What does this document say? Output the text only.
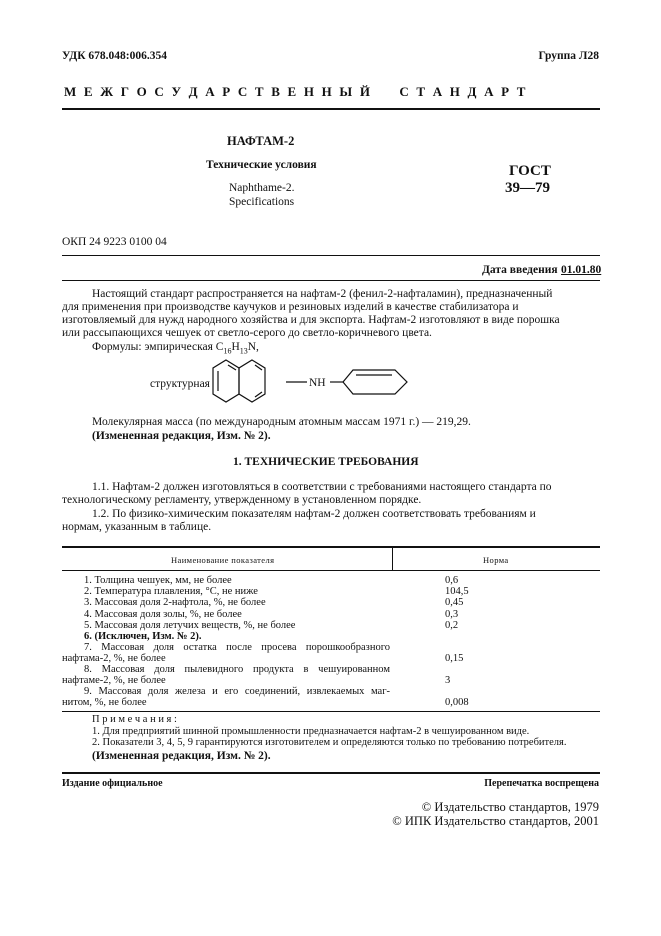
УДК 678.048:006.354	Группа Л28
М Е Ж Г О С У Д А Р С Т В Е Н Н Ы Й     С Т А Н Д А Р Т
НАФТАМ-2
Технические условия
Naphthame-2.
Specifications
ГОСТ
39—79
ОКП 24 9223 0100 04
Дата введения 01.01.80
Настоящий стандарт распространяется на нафтам-2 (фенил-2-нафталамин), предназначенный
для применения при производстве каучуков и резиновых изделий в качестве стабилизатора и
изготовляемый для нужд народного хозяйства и для экспорта. Нафтам-2 изготовляют в виде порошка
или рассыпающихся чешуек от светло-серого до светло-коричневого цвета.
Формулы: эмпирическая $C_{16}H_{13}N$,
структурная	NH
Молекулярная масса (по международным атомным массам 1971 г.) — 219,29.
(Измененная редакция, Изм. № 2).
1. ТЕХНИЧЕСКИЕ ТРЕБОВАНИЯ
1.1. Нафтам-2 должен изготовляться в соответствии с требованиями настоящего стандарта по
технологическому регламенту, утвержденному в установленном порядке.
1.2. По физико-химическим показателям нафтам-2 должен соответствовать требованиям и
нормам, указанным в таблице.
Наименование показателя	Норма
1. Толщина чешуек, мм, не более	0,6
2. Температура плавления, °С, не ниже	104,5
3. Массовая доля 2-нафтола, %, не более	0,45
4. Массовая доля золы, %, не более	0,3
5. Массовая доля летучих веществ, %, не более	0,2
6. (Исключен, Изм. № 2).
7. Массовая доля остатка после просева порошкообразного
нафтама-2, %, не более	0,15
8. Массовая доля пылевидного продукта в чешуированном
нафтаме-2, %, не более	3
9. Массовая доля железа и его соединений, извлекаемых маг-
нитом, %, не более	0,008
П р и м е ч а н и я :
1. Для предприятий шинной промышленности предназначается нафтам-2 в чешуированном виде.
2. Показатели 3, 4, 5, 9 гарантируются изготовителем и определяются только по требованию потребителя.
(Измененная редакция, Изм. № 2).
Издание официальное	Перепечатка воспрещена
© Издательство стандартов, 1979
© ИПК Издательство стандартов, 2001
